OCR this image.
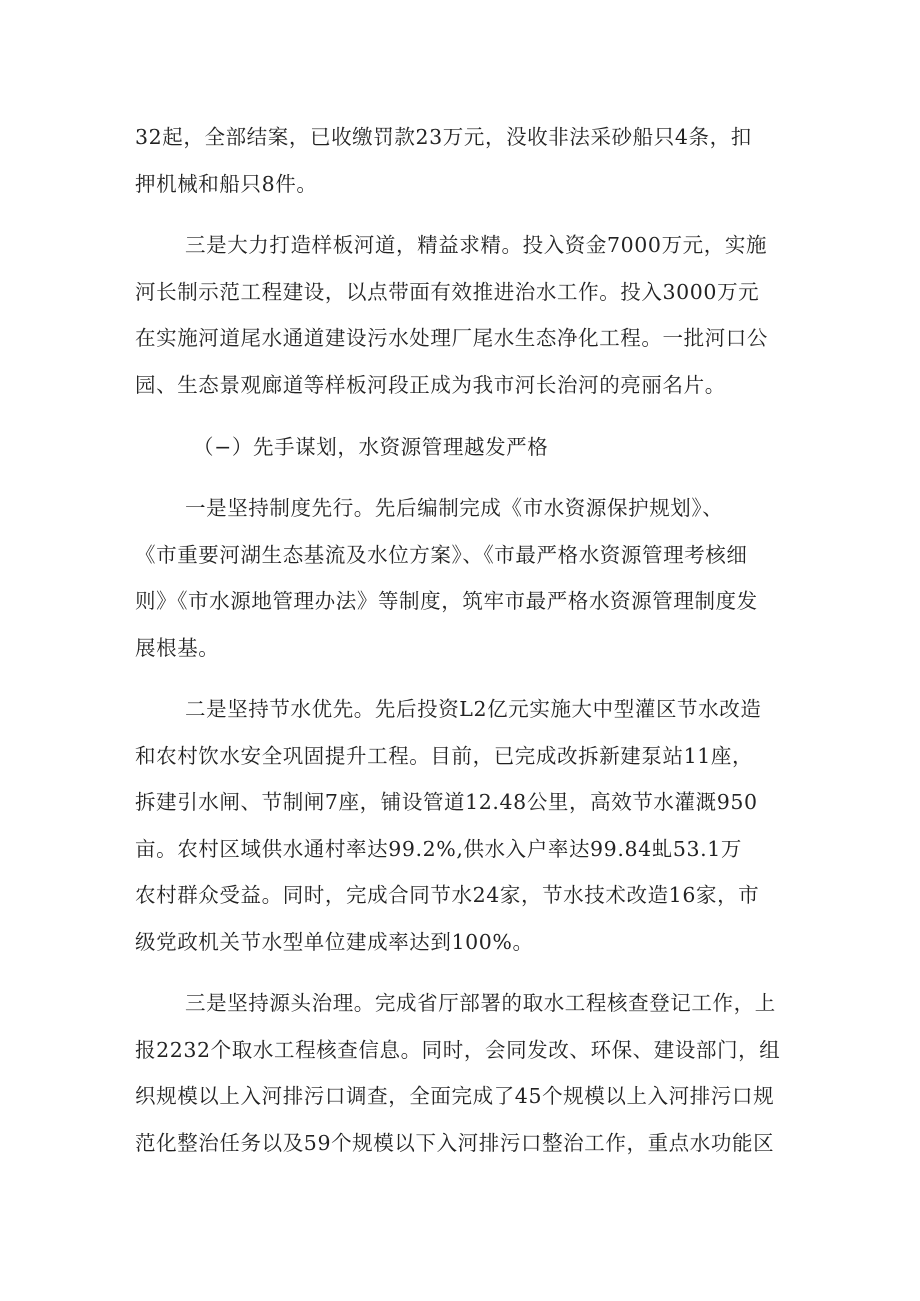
32起，全部结案，已收缴罚款23万元，没收非法采砂船只4条，扣
押机械和船只8件。
三是大力打造样板河道，精益求精。投入资金7000万元，实施
河长制示范工程建设，以点带面有效推进治水工作。投入3000万元
在实施河道尾水通道建设污水处理厂尾水生态净化工程。一批河口公
园、生态景观廊道等样板河段正成为我市河长治河的亮丽名片。
（−）先手谋划，水资源管理越发严格
一是坚持制度先行。先后编制完成《市水资源保护规划》、
《市重要河湖生态基流及水位方案》、《市最严格水资源管理考核细
则》《市水源地管理办法》等制度，筑牢市最严格水资源管理制度发
展根基。
二是坚持节水优先。先后投资L2亿元实施大中型灌区节水改造
和农村饮水安全巩固提升工程。目前，已完成改拆新建泵站11座，
拆建引水闸、节制闸7座，铺设管道12.48公里，高效节水灌溉950
亩。农村区域供水通村率达99.2%,供水入户率达99.84虬53.1万
农村群众受益。同时，完成合同节水24家，节水技术改造16家，市
级党政机关节水型单位建成率达到100%。
三是坚持源头治理。完成省厅部署的取水工程核查登记工作，上
报2232个取水工程核查信息。同时，会同发改、环保、建设部门，组
织规模以上入河排污口调查，全面完成了45个规模以上入河排污口规
范化整治任务以及59个规模以下入河排污口整治工作，重点水功能区
